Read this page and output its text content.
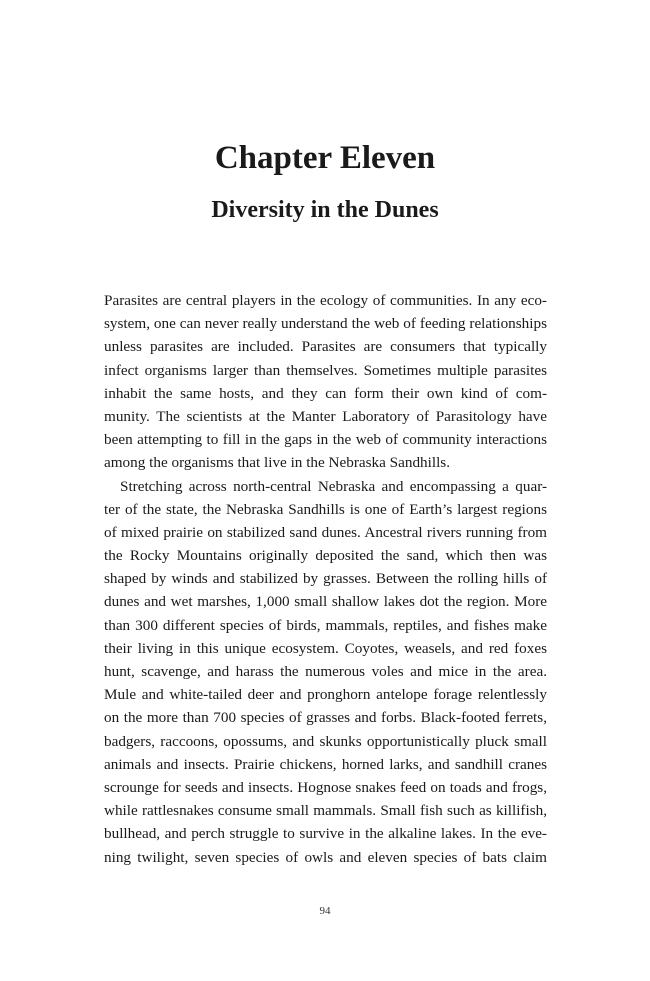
Chapter Eleven
Diversity in the Dunes
Parasites are central players in the ecology of communities. In any eco-
system, one can never really understand the web of feeding relationships
unless parasites are included. Parasites are consumers that typically
infect organisms larger than themselves. Sometimes multiple parasites
inhabit the same hosts, and they can form their own kind of com-
munity. The scientists at the Manter Laboratory of Parasitology have
been attempting to fill in the gaps in the web of community interactions
among the organisms that live in the Nebraska Sandhills.
Stretching across north-central Nebraska and encompassing a quar-
ter of the state, the Nebraska Sandhills is one of Earth’s largest regions
of mixed prairie on stabilized sand dunes. Ancestral rivers running from
the Rocky Mountains originally deposited the sand, which then was
shaped by winds and stabilized by grasses. Between the rolling hills of
dunes and wet marshes, 1,000 small shallow lakes dot the region. More
than 300 different species of birds, mammals, reptiles, and fishes make
their living in this unique ecosystem. Coyotes, weasels, and red foxes
hunt, scavenge, and harass the numerous voles and mice in the area.
Mule and white-tailed deer and pronghorn antelope forage relentlessly
on the more than 700 species of grasses and forbs. Black-footed ferrets,
badgers, raccoons, opossums, and skunks opportunistically pluck small
animals and insects. Prairie chickens, horned larks, and sandhill cranes
scrounge for seeds and insects. Hognose snakes feed on toads and frogs,
while rattlesnakes consume small mammals. Small fish such as killifish,
bullhead, and perch struggle to survive in the alkaline lakes. In the eve-
ning twilight, seven species of owls and eleven species of bats claim
94
